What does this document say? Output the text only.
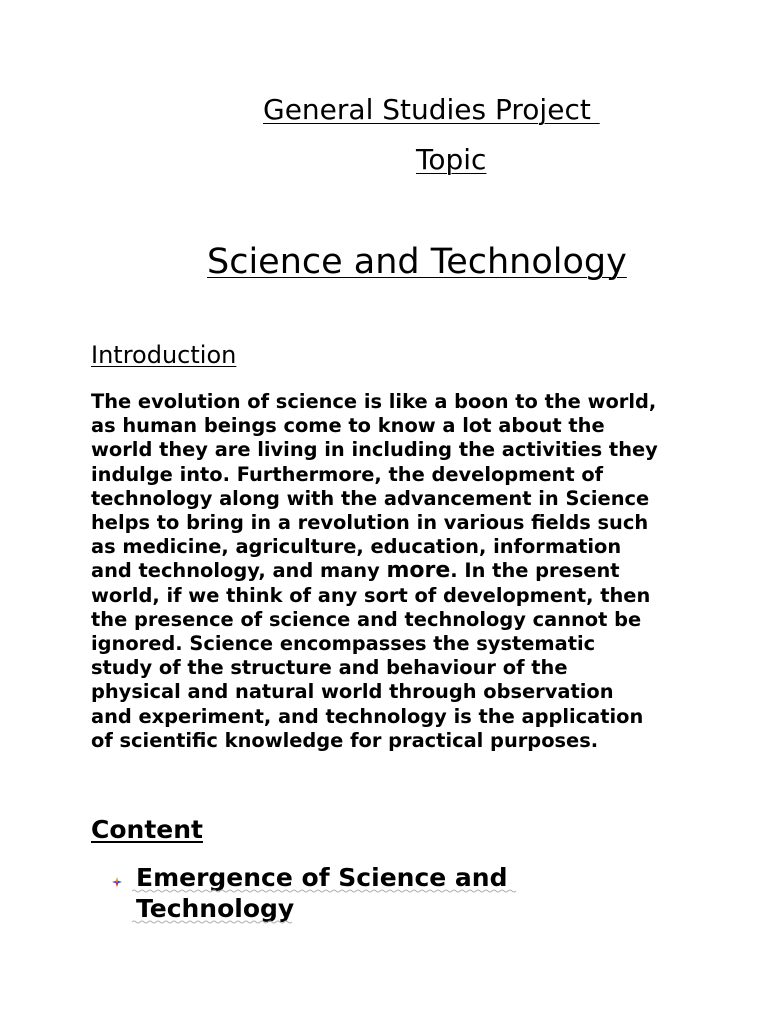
General Studies Project
Topic
Science and Technology
Introduction
The evolution of science is like a boon to the world,
as human beings come to know a lot about the
world they are living in including the activities they
indulge into. Furthermore, the development of
technology along with the advancement in Science
helps to bring in a revolution in various fields such
as medicine, agriculture, education, information
and technology, and many more. In the present
world, if we think of any sort of development, then
the presence of science and technology cannot be
ignored. Science encompasses the systematic
study of the structure and behaviour of the
physical and natural world through observation
and experiment, and technology is the application
of scientific knowledge for practical purposes.
Content
Emergence of Science and
Technology
